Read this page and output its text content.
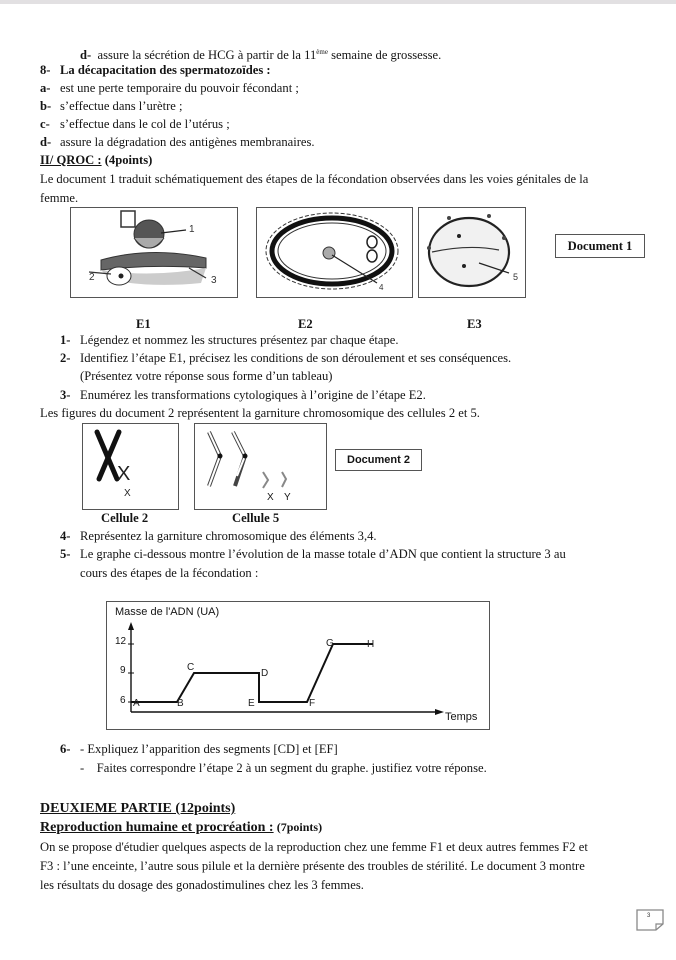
d- assure la sécrétion de HCG à partir de la 11ème semaine de grossesse.
8- La décapacitation des spermatozoïdes :
a- est une perte temporaire du pouvoir fécondant ;
b- s’effectue dans l’urètre ;
c- s’effectue dans le col de l’utérus ;
d- assure la dégradation des antigènes membranaires.
II/ QROC : (4points)
Le document 1 traduit schématiquement des étapes de la fécondation observées dans les voies génitales de la
femme.
1
2	3
4
5
Document 1
E1	E2	E3
1- Légendez et nommez les structures présentez par chaque étape.
2- Identifiez l’étape E1, précisez les conditions de son déroulement et ses conséquences.
(Présentez votre réponse sous forme d’un tableau)
3- Enumérez les transformations cytologiques à l’origine de l’étape E2.
Les figures du document 2 représentent la garniture chromosomique des cellules 2 et 5.
X
X	X Y
Document 2
Cellule 2	Cellule 5
4- Représentez la garniture chromosomique des éléments 3,4.
5- Le graphe ci-dessous montre l’évolution de la masse totale d’ADN que contient la structure 3 au
cours des étapes de la fécondation :
Masse de l'ADN (UA)
A	B
C
D
E	F
G	H
12
9
6
Temps
6- - Expliquez l’apparition des segments [CD] et [EF]
- Faites correspondre l’étape 2 à un segment du graphe. justifiez votre réponse.
DEUXIEME PARTIE (12points)
Reproduction humaine et procréation : (7points)
On se propose d'étudier quelques aspects de la reproduction chez une femme F1 et deux autres femmes F2 et
F3 : l’une enceinte, l’autre sous pilule et la dernière présente des troubles de stérilité. Le document 3 montre
les résultats du dosage des gonadostimulines chez les 3 femmes.
3
